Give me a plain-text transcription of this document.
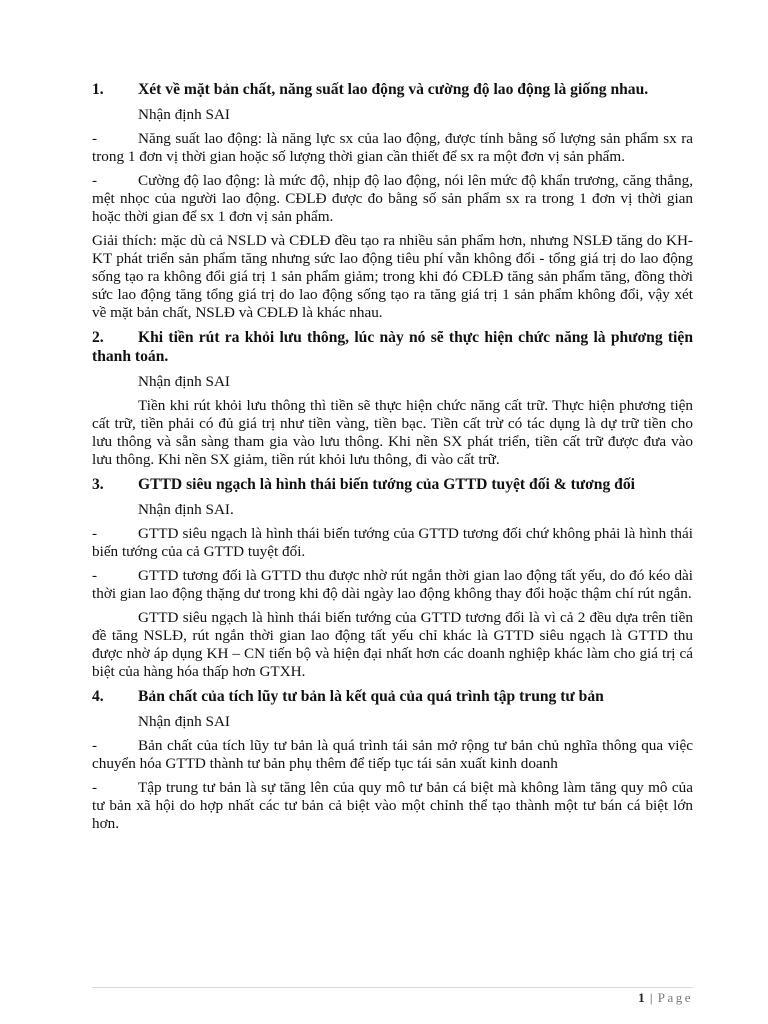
1. Xét về mặt bản chất, năng suất lao động và cường độ lao động là giống nhau.
Nhận định SAI
-	Năng suất lao động: là năng lực sx của lao động, được tính bằng số lượng sản phẩm sx ra trong 1 đơn vị thời gian hoặc số lượng thời gian cần thiết để sx ra một đơn vị sản phẩm.
-	Cường độ lao động: là mức độ, nhịp độ lao động, nói lên mức độ khẩn trương, căng thẳng, mệt nhọc của người lao động. CĐLĐ được đo bằng số sản phẩm sx ra trong 1 đơn vị thời gian hoặc thời gian để sx 1 đơn vị sản phẩm.
Giải thích: mặc dù cả NSLD và CĐLĐ đều tạo ra nhiều sản phẩm hơn, nhưng NSLĐ tăng do KH-KT phát triển sản phẩm tăng nhưng sức lao động tiêu phí vẫn không đổi - tổng giá trị do lao động sống tạo ra không đổi giá trị 1 sản phẩm giảm; trong khi đó CĐLĐ tăng sản phẩm tăng, đồng thời sức lao động tăng tổng giá trị do lao động sống tạo ra tăng giá trị 1 sản phẩm không đổi, vậy xét về mặt bản chất, NSLĐ và CĐLĐ là khác nhau.
2. Khi tiền rút ra khỏi lưu thông, lúc này nó sẽ thực hiện chức năng là phương tiện thanh toán.
Nhận định SAI
Tiền khi rút khỏi lưu thông thì tiền sẽ thực hiện chức năng cất trữ. Thực hiện phương tiện cất trữ, tiền phải có đủ giá trị như tiền vàng, tiền bạc. Tiền cất trừ có tác dụng là dự trữ tiền cho lưu thông và sẵn sàng tham gia vào lưu thông. Khi nền SX phát triển, tiền cất trữ được đưa vào lưu thông. Khi nền SX giảm, tiền rút khỏi lưu thông, đi vào cất trữ.
3. GTTD siêu ngạch là hình thái biến tướng của GTTD tuyệt đối & tương đối
Nhận định SAI.
-	GTTD siêu ngạch là hình thái biến tướng của GTTD tương đối chứ không phải là hình thái biến tướng của cả GTTD tuyệt đối.
-	GTTD tương đối là GTTD thu được nhờ rút ngắn thời gian lao động tất yếu, do đó kéo dài thời gian lao động thặng dư trong khi độ dài ngày lao động không thay đổi hoặc thậm chí rút ngắn.
GTTD siêu ngạch là hình thái biến tướng của GTTD tương đối là vì cả 2 đều dựa trên tiền đề tăng NSLĐ, rút ngắn thời gian lao động tất yếu chỉ khác là GTTD siêu ngạch là GTTD thu được nhờ áp dụng KH – CN tiến bộ và hiện đại nhất hơn các doanh nghiệp khác làm cho giá trị cá biệt của hàng hóa thấp hơn GTXH.
4. Bản chất của tích lũy tư bản là kết quả của quá trình tập trung tư bản
Nhận định SAI
-	Bản chất của tích lũy tư bản là quá trình tái sản mở rộng tư bản chủ nghĩa thông qua việc chuyển hóa GTTD thành tư bản phụ thêm để tiếp tục tái sản xuất kinh doanh
-	Tập trung tư bản là sự tăng lên của quy mô tư bản cá biệt mà không làm tăng quy mô của tư bản xã hội do hợp nhất các tư bản cả biệt vào một chỉnh thể tạo thành một tư bán cá biệt lớn hơn.
1 | Page
